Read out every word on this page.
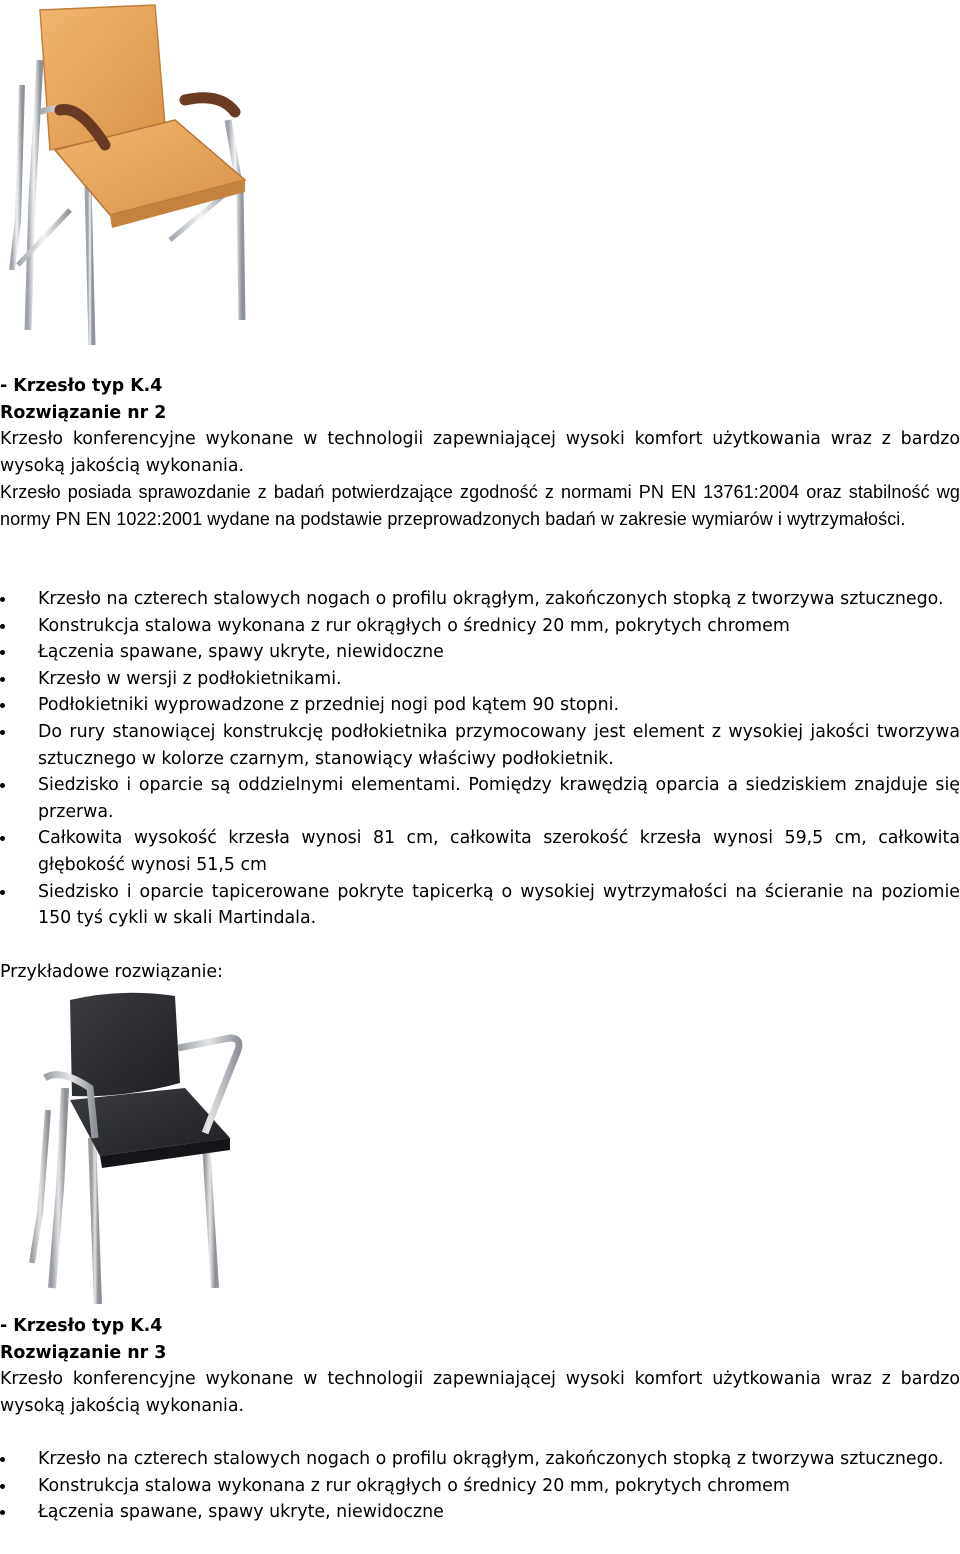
- Krzesło typ K.4

Rozwiązanie nr 2

Krzesło konferencyjne wykonane w technologii zapewniającej wysoki komfort użytkowania wraz z bardzo wysoką jakością wykonania.

Krzesło posiada sprawozdanie z badań potwierdzające zgodność z normami PN EN 13761:2004 oraz stabilność wg normy PN EN 1022:2001 wydane na podstawie przeprowadzonych badań w zakresie wymiarów i wytrzymałości.

Krzesło na czterech stalowych nogach o profilu okrągłym, zakończonych stopką z tworzywa sztucznego.
Konstrukcja stalowa wykonana z rur okrągłych o średnicy 20 mm, pokrytych chromem
Łączenia spawane, spawy ukryte, niewidoczne
Krzesło w wersji z podłokietnikami.
Podłokietniki wyprowadzone z przedniej nogi pod kątem 90 stopni.
Do rury stanowiącej konstrukcję podłokietnika przymocowany jest element z wysokiej jakości tworzywa sztucznego w kolorze czarnym, stanowiący właściwy podłokietnik.
Siedzisko i oparcie są oddzielnymi elementami. Pomiędzy krawędzią oparcia a siedziskiem znajduje się przerwa.
Całkowita wysokość krzesła wynosi 81 cm, całkowita szerokość krzesła wynosi 59,5 cm, całkowita głębokość wynosi 51,5 cm
Siedzisko i oparcie tapicerowane pokryte tapicerką o wysokiej wytrzymałości na ścieranie na poziomie 150 tyś cykli w skali Martindala.

Przykładowe rozwiązanie:

- Krzesło typ K.4

Rozwiązanie nr 3

Krzesło konferencyjne wykonane w technologii zapewniającej wysoki komfort użytkowania wraz z bardzo wysoką jakością wykonania.

Krzesło na czterech stalowych nogach o profilu okrągłym, zakończonych stopką z tworzywa sztucznego.
Konstrukcja stalowa wykonana z rur okrągłych o średnicy 20 mm, pokrytych chromem
Łączenia spawane, spawy ukryte, niewidoczne
